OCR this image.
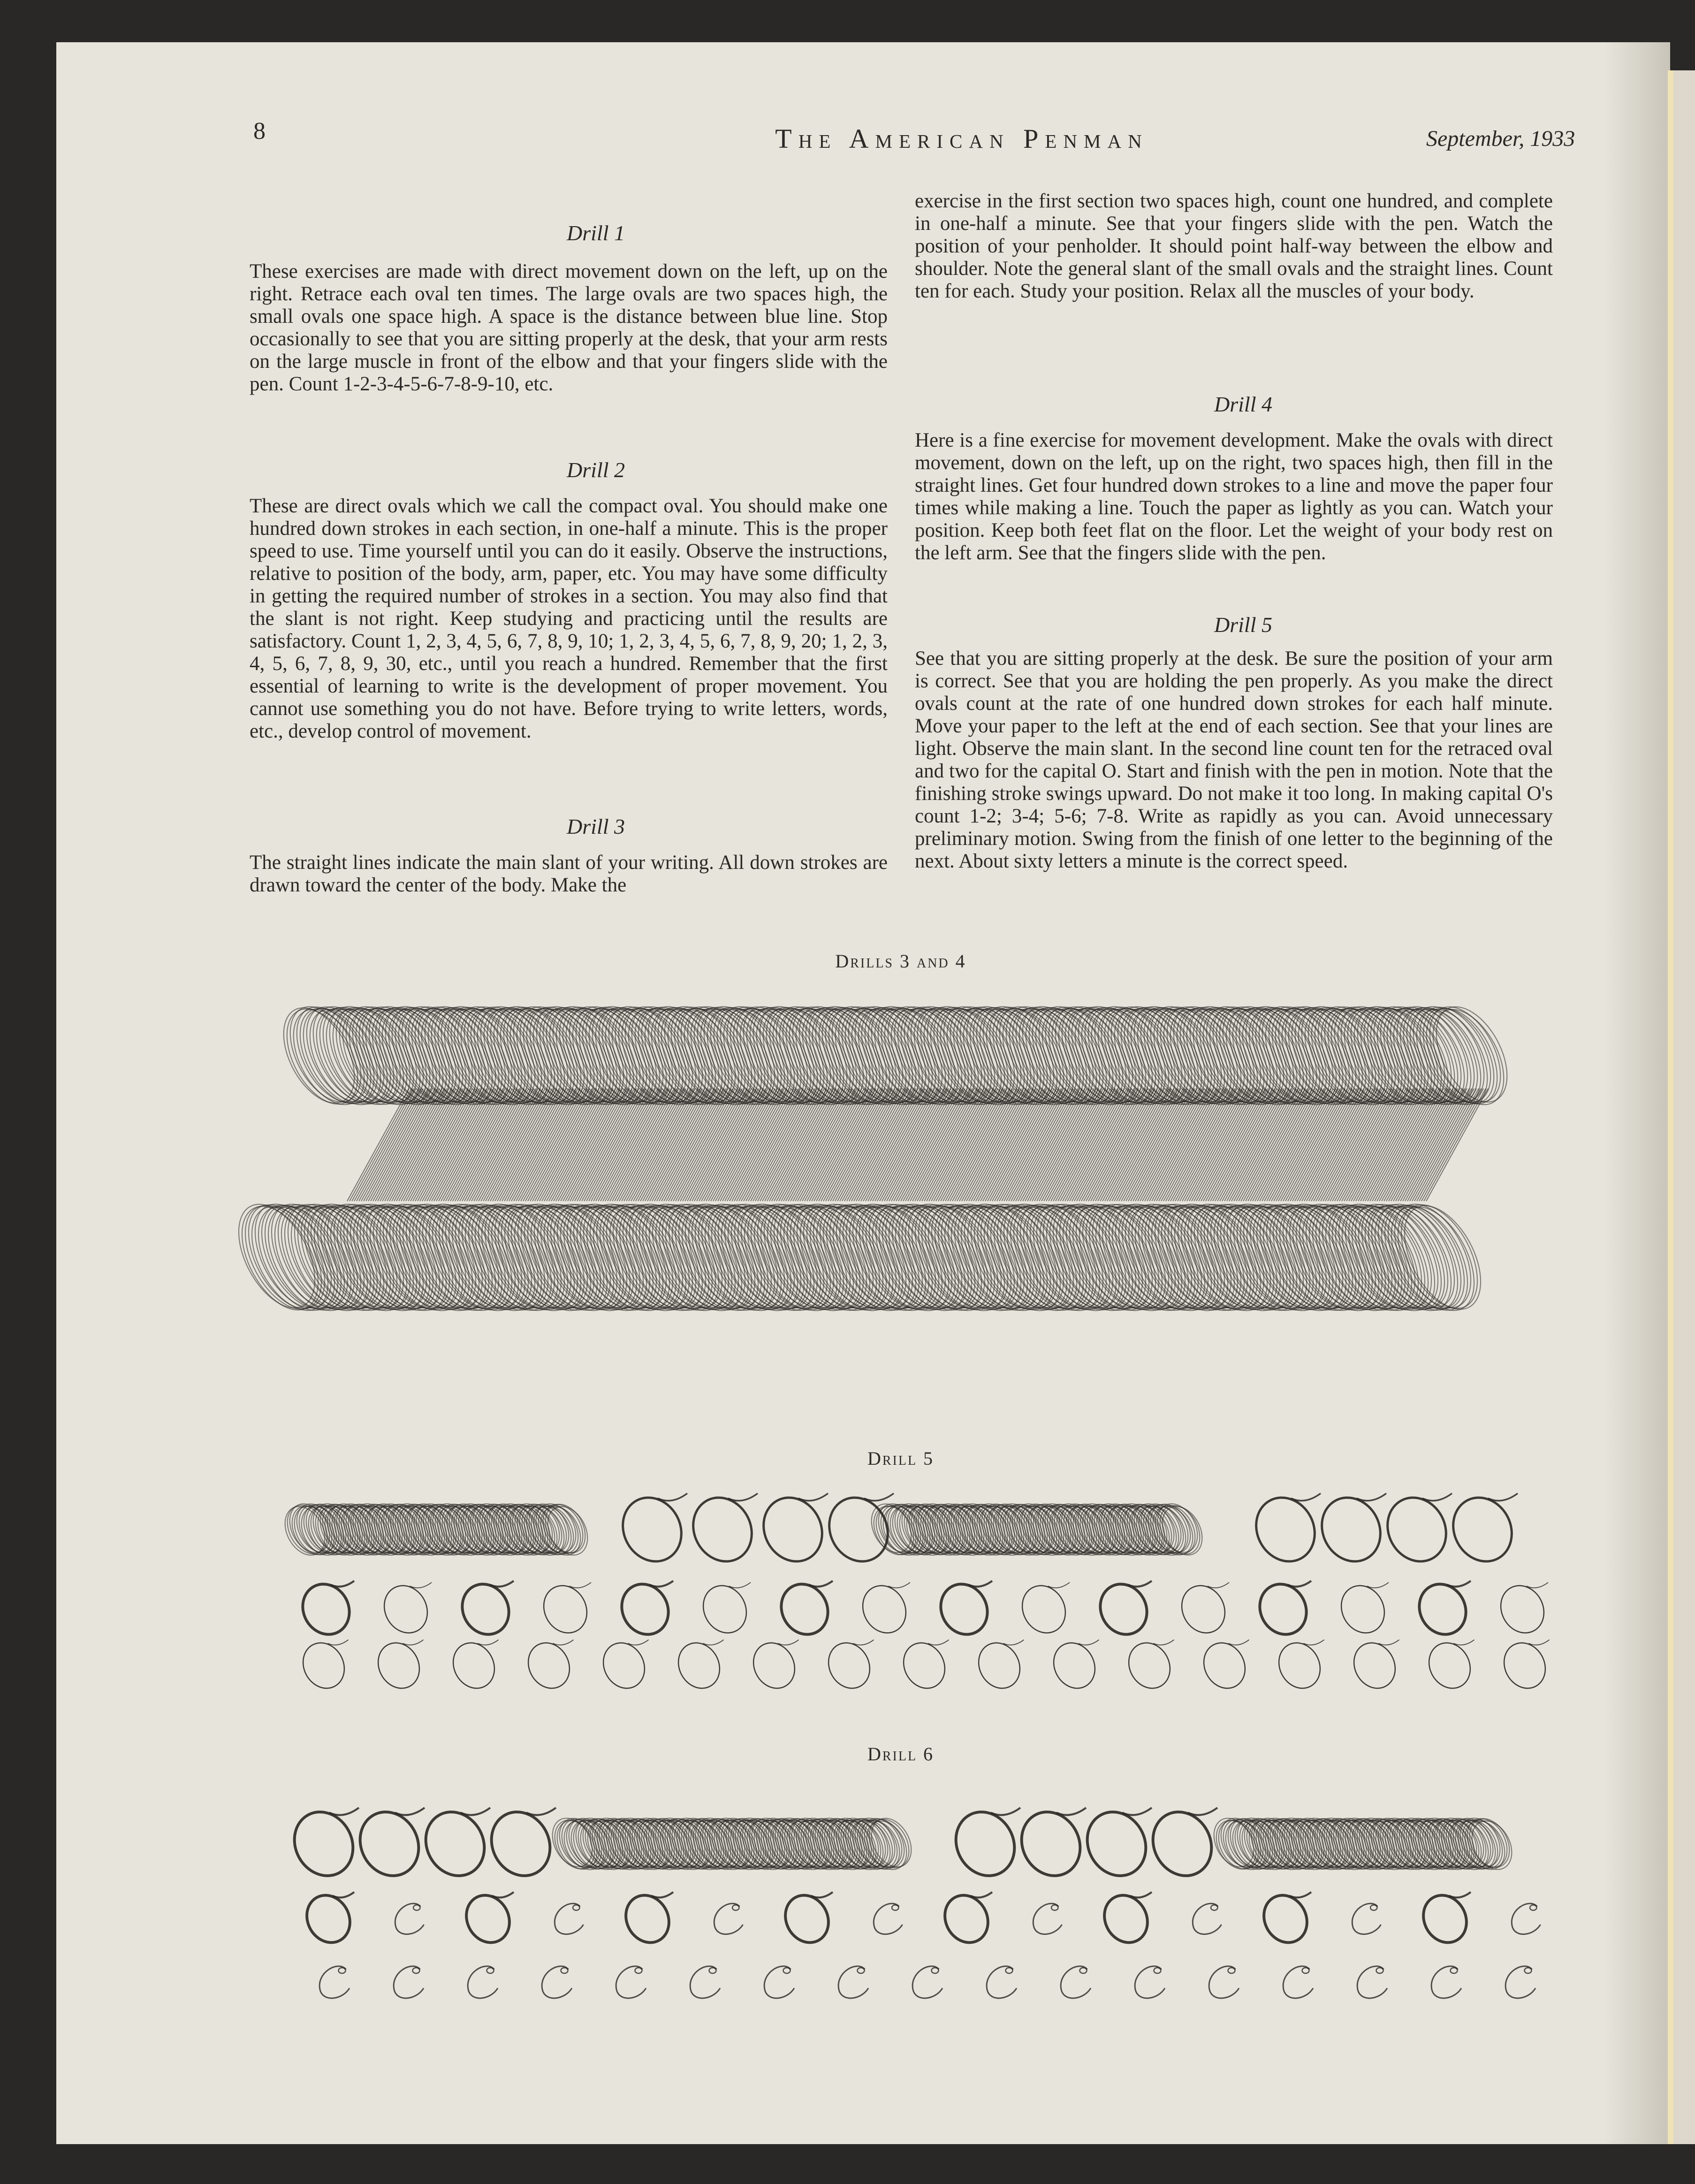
8	The American Penman	September, 1933
Drill 1

These exercises are made with direct movement down on the left, up on the right. Retrace each oval ten times. The large ovals are two spaces high, the small ovals one space high. A space is the distance between blue line. Stop occasionally to see that you are sitting properly at the desk, that your arm rests on the large muscle in front of the elbow and that your fingers slide with the pen. Count 1-2-3-4-5-6-7-8-9-10, etc.

Drill 2

These are direct ovals which we call the compact oval. You should make one hundred down strokes in each section, in one-half a minute. This is the proper speed to use. Time yourself until you can do it easily. Observe the instructions, relative to position of the body, arm, paper, etc. You may have some difficulty in getting the required number of strokes in a section. You may also find that the slant is not right. Keep studying and practicing until the results are satisfactory. Count 1, 2, 3, 4, 5, 6, 7, 8, 9, 10; 1, 2, 3, 4, 5, 6, 7, 8, 9, 20; 1, 2, 3, 4, 5, 6, 7, 8, 9, 30, etc., until you reach a hundred. Remember that the first essential of learning to write is the development of proper movement. You cannot use something you do not have. Before trying to write letters, words, etc., develop control of movement.

Drill 3

The straight lines indicate the main slant of your writing. All down strokes are drawn toward the center of the body. Make the

exercise in the first section two spaces high, count one hundred, and complete in one-half a minute. See that your fingers slide with the pen. Watch the position of your penholder. It should point half-way between the elbow and shoulder. Note the general slant of the small ovals and the straight lines. Count ten for each. Study your position. Relax all the muscles of your body.

Drill 4

Here is a fine exercise for movement development. Make the ovals with direct movement, down on the left, up on the right, two spaces high, then fill in the straight lines. Get four hundred down strokes to a line and move the paper four times while making a line. Touch the paper as lightly as you can. Watch your position. Keep both feet flat on the floor. Let the weight of your body rest on the left arm. See that the fingers slide with the pen.

Drill 5

See that you are sitting properly at the desk. Be sure the position of your arm is correct. See that you are holding the pen properly. As you make the direct ovals count at the rate of one hundred down strokes for each half minute. Move your paper to the left at the end of each section. See that your lines are light. Observe the main slant. In the second line count ten for the retraced oval and two for the capital O. Start and finish with the pen in motion. Note that the finishing stroke swings upward. Do not make it too long. In making capital O's count 1-2; 3-4; 5-6; 7-8. Write as rapidly as you can. Avoid unnecessary preliminary motion. Swing from the finish of one letter to the beginning of the next. About sixty letters a minute is the correct speed.

Drills 3 and 4
Drill 5
Drill 6
